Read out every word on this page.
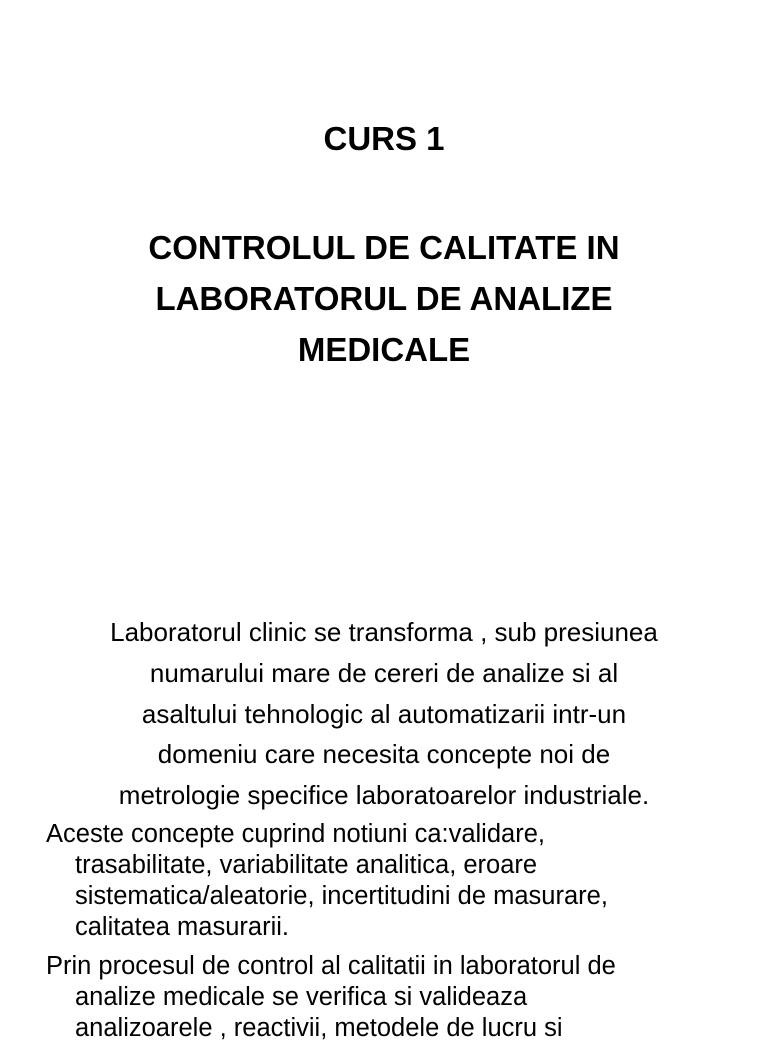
CURS 1
CONTROLUL DE CALITATE IN
LABORATORUL DE ANALIZE
MEDICALE
Laboratorul clinic se transforma , sub presiunea
numarului mare de cereri de analize si al
asaltului tehnologic al automatizarii intr-un
domeniu care necesita concepte noi de
metrologie specifice laboratoarelor industriale.
Aceste concepte cuprind notiuni ca:validare,
trasabilitate, variabilitate analitica, eroare
sistematica/aleatorie, incertitudini de masurare,
calitatea masurarii.
Prin procesul de control al calitatii in laboratorul de
analize medicale se verifica si valideaza
analizoarele , reactivii, metodele de lucru si
